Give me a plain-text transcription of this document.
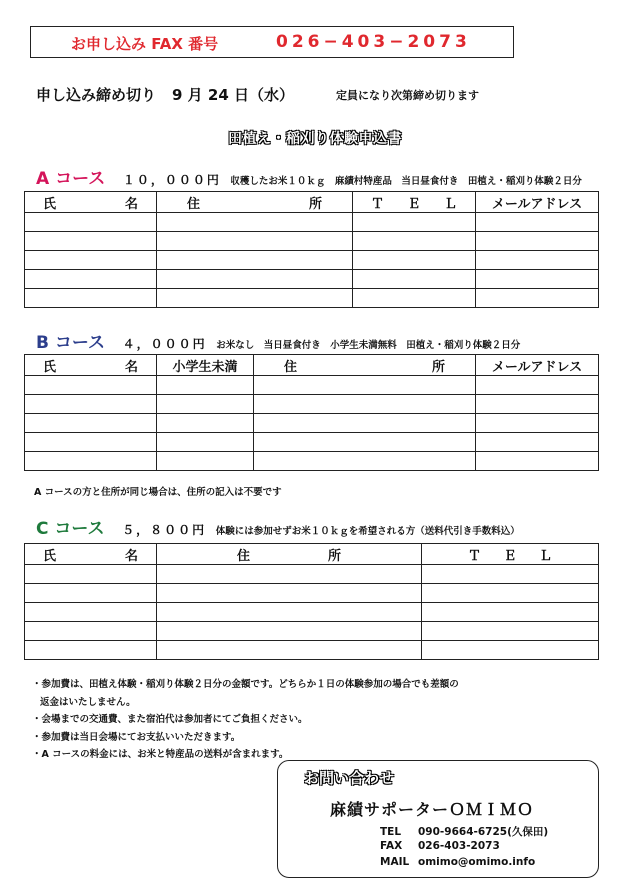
お申し込み FAX 番号	026−403−2073
申し込み締め切り 9 月 24 日（水）	定員になり次第締め切ります
田植え・稲刈り体験申込書
A コース １０，０００円 収穫したお米１０ｋｇ　麻績村特産品　当日昼食付き　田植え・稲刈り体験２日分
氏 名	住 所	Ｔ Ｅ Ｌ	メールアドレス

B コース ４，０００円 お米なし　当日昼食付き　小学生未満無料　田植え・稲刈り体験２日分
氏 名	小学生未満	住 所	メールアドレス

A コースの方と住所が同じ場合は、住所の記入は不要です
C コース ５，８００円 体験には参加せずお米１０ｋｇを希望される方（送料代引き手数料込）
氏 名	住 所	Ｔ Ｅ Ｌ

・参加費は、田植え体験・稲刈り体験２日分の金額です。どちらか１日の体験参加の場合でも差額の
返金はいたしません。
・会場までの交通費、また宿泊代は参加者にてご負担ください。
・参加費は当日会場にてお支払いいただきます。
・A コースの料金には、お米と特産品の送料が含まれます。
お問い合わせ
麻績サポーターＯＭＩＭＯ
TEL 090-9664-6725(久保田)
FAX 026-403-2073
MAIL omimo@omimo.info
